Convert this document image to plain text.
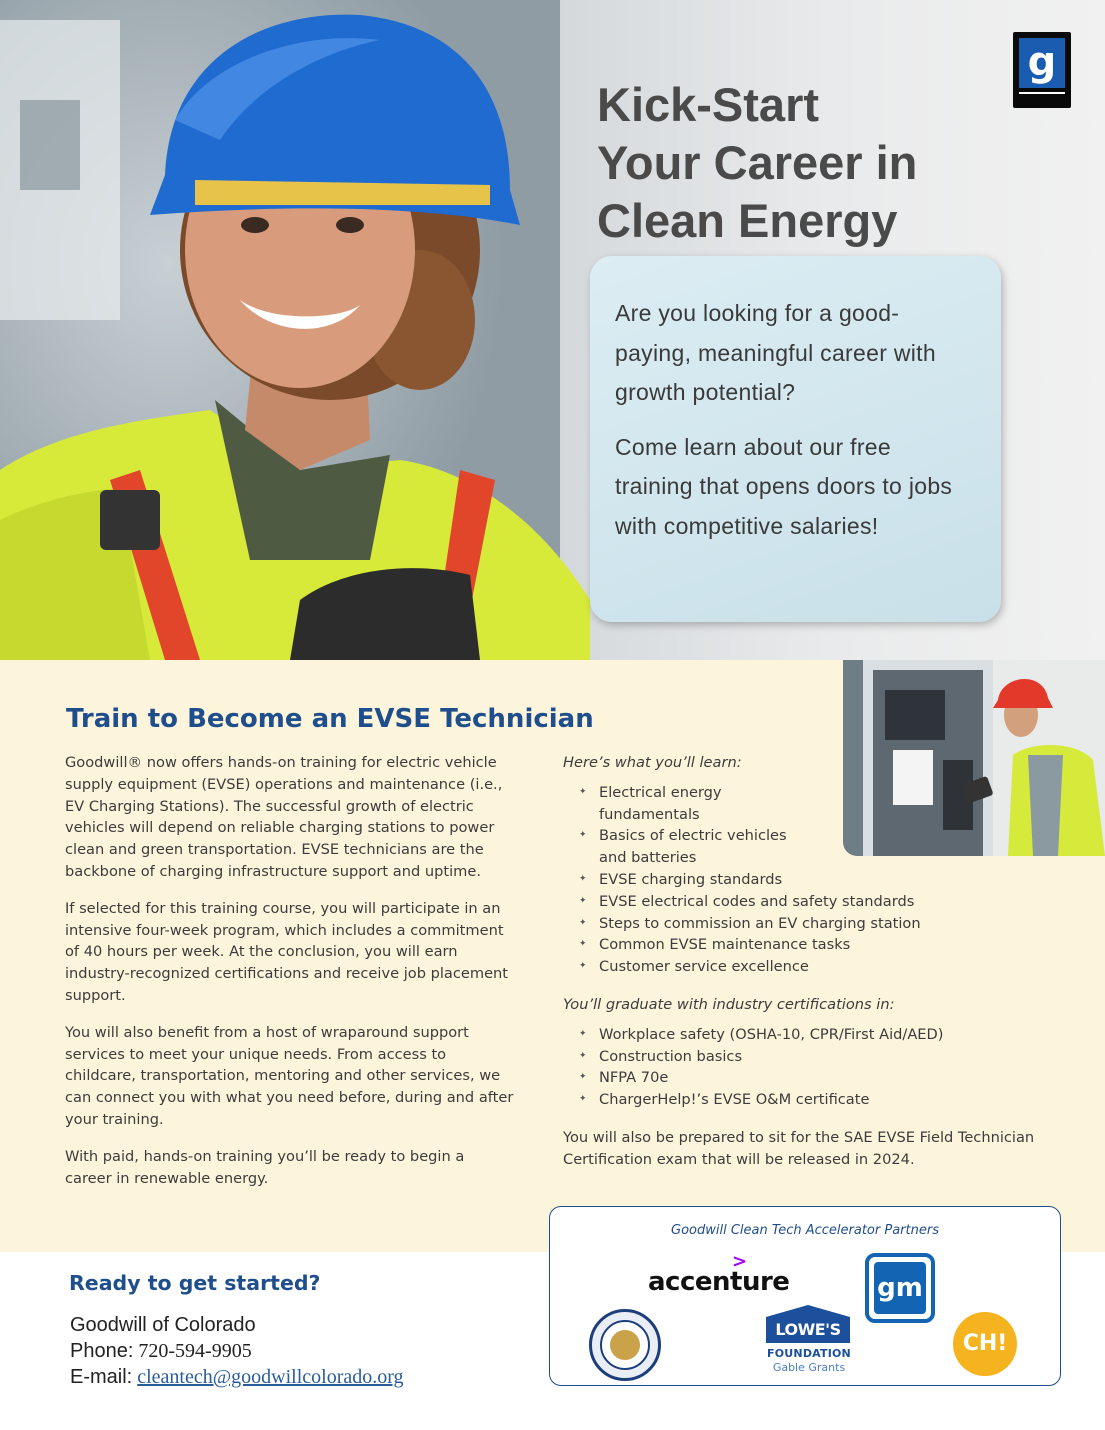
g
Kick-Start
Your Career in
Clean Energy

Are you looking for a good-paying, meaningful career with growth potential?

Come learn about our free training that opens doors to jobs with competitive salaries!

Train to Become an EVSE Technician

Goodwill® now offers hands-on training for electric vehicle supply equipment (EVSE) operations and maintenance (i.e., EV Charging Stations). The successful growth of electric vehicles will depend on reliable charging stations to power clean and green transportation. EVSE technicians are the backbone of charging infrastructure support and uptime.

If selected for this training course, you will participate in an intensive four-week program, which includes a commitment of 40 hours per week. At the conclusion, you will earn industry-recognized certifications and receive job placement support.

You will also benefit from a host of wraparound support services to meet your unique needs. From access to childcare, transportation, mentoring and other services, we can connect you with what you need before, during and after your training.

With paid, hands-on training you’ll be ready to begin a career in renewable energy.

Here’s what you’ll learn:

✦ Electrical energy fundamentals
✦ Basics of electric vehicles and batteries
✦ EVSE charging standards
✦ EVSE electrical codes and safety standards
✦ Steps to commission an EV charging station
✦ Common EVSE maintenance tasks
✦ Customer service excellence

You’ll graduate with industry certifications in:

✦ Workplace safety (OSHA-10, CPR/First Aid/AED)
✦ Construction basics
✦ NFPA 70e
✦ ChargerHelp!’s EVSE O&M certificate

You will also be prepared to sit for the SAE EVSE Field Technician Certification exam that will be released in 2024.

Ready to get started?
Goodwill of Colorado
Phone: 720-594-9905
E-mail: cleantech@goodwillcolorado.org
Goodwill Clean Tech Accelerator Partners
>
accenture	gm
LOWE'S
FOUNDATION
Gable Grants
CH!
